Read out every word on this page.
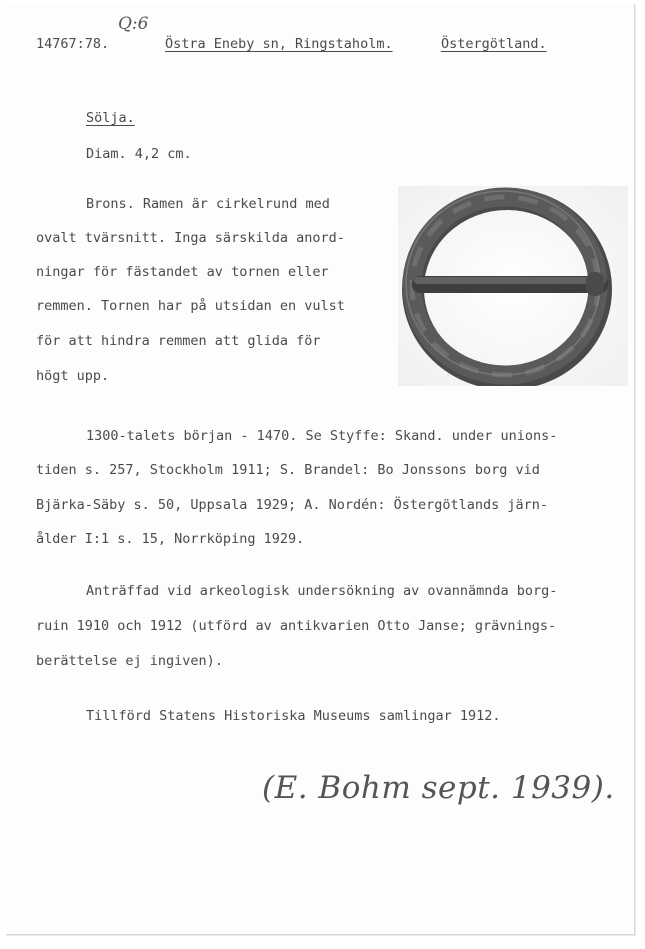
14767:78.
Q:6
Östra Eneby sn, Ringstaholm.	Östergötland.
Sölja.
Diam. 4,2 cm.
Brons. Ramen är cirkelrund med
ovalt tvärsnitt. Inga särskilda anord-
ningar för fästandet av tornen eller
remmen. Tornen har på utsidan en vulst
för att hindra remmen att glida för
högt upp.
1300-talets början - 1470. Se Styffe: Skand. under unions-
tiden s. 257, Stockholm 1911; S. Brandel: Bo Jonssons borg vid
Bjärka-Säby s. 50, Uppsala 1929; A. Nordén: Östergötlands järn-
ålder I:1 s. 15, Norrköping 1929.
Anträffad vid arkeologisk undersökning av ovannämnda borg-
ruin 1910 och 1912 (utförd av antikvarien Otto Janse; grävnings-
berättelse ej ingiven).
Tillförd Statens Historiska Museums samlingar 1912.
(E. Bohm sept. 1939).
